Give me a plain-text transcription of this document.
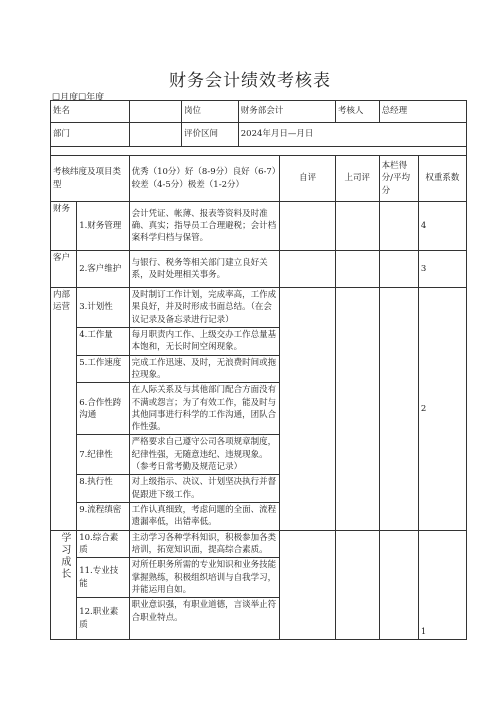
财务会计绩效考核表
☐月度☐年度
姓名			岗位	财务部会计		考核人	总经理	
部门			评价区间	2024年月日—月日				

考核纬度及项目类型		优秀（10分）好（8-9分）良好（6-7）较差（4-5分）极差（1-2分）			自评	上司评	本栏得分/平均分	权重系数
财务	1.财务管理	会计凭证、帐薄、报表等资料及时准确、真实；指导员工合理避税；会计档案科学归档与保管。						4
客户	2.客户维护	与银行、税务等相关部门建立良好关系，及时处理相关事务。						3
内部运营	3.计划性	及时制订工作计划，完成率高，工作成果良好，并及时形成书面总结。（在会议记录及备忘录进行记录）						2
	4.工作量	每月职责内工作、上级交办工作总量基本饱和，无长时间空闲现象。						
	5.工作速度	完成工作迅速、及时，无浪费时间或拖拉现象。						
	6.合作性跨沟通	在人际关系及与其他部门配合方面没有不满或怨言；为了有效工作，能及时与其他同事进行科学的工作沟通，团队合作性强。						
	7.纪律性	严格要求自己遵守公司各项规章制度，纪律性强，无随意违纪、违规现象。（参考日常考勤及规范记录）						
	8.执行性	对上级指示、决议、计划坚决执行并督促跟进下级工作。						
	9.流程缜密	工作认真细致，考虑问题的全面、流程遗漏率低，出错率低。						

学习成长	10.综合素质	主动学习各种学科知识，积极参加各类培训，拓宽知识面，提高综合素质。						1
	11.专业技能	对所任职务所需的专业知识和业务技能掌握熟练，积极组织培训与自我学习，并能运用自如。						
	12.职业素质	职业意识强，有职业道德，言谈举止符合职业特点。						
